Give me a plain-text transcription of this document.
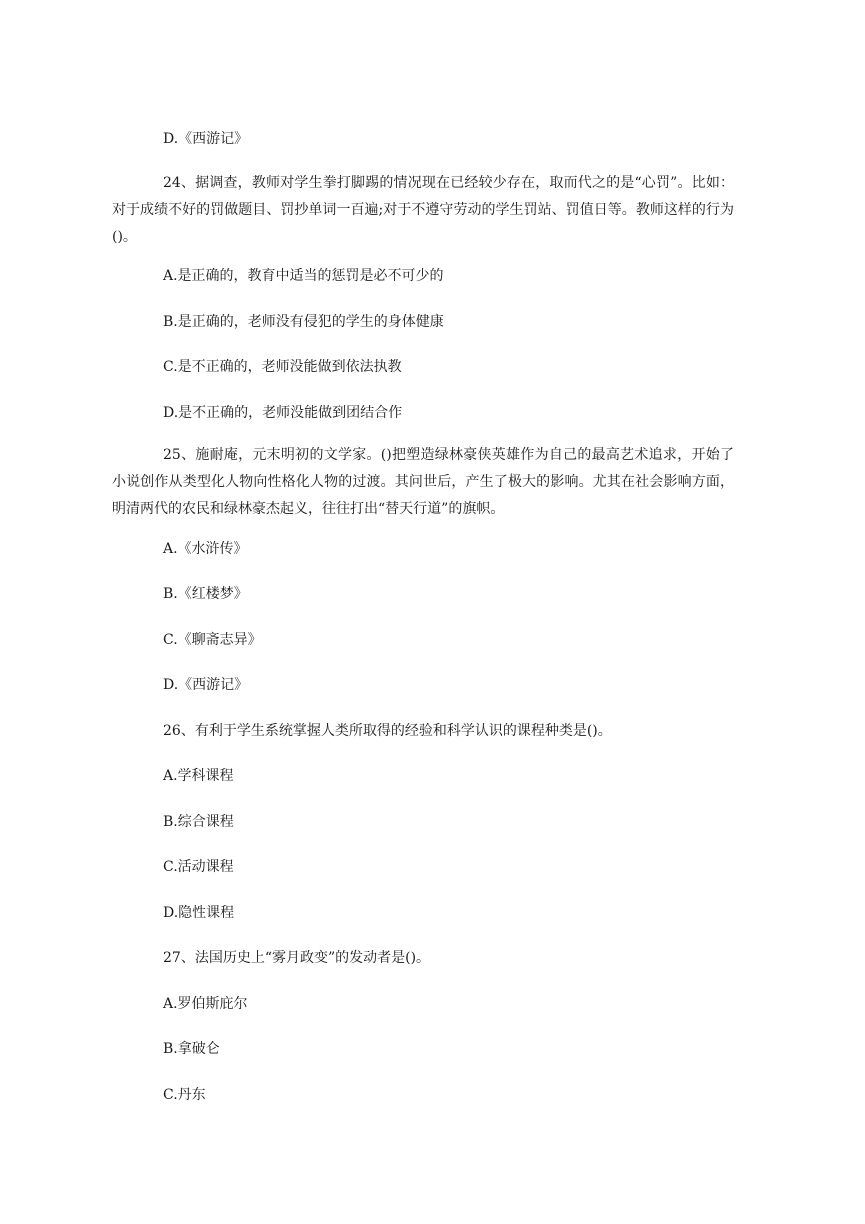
D.《西游记》
24、据调查，教师对学生拳打脚踢的情况现在已经较少存在，取而代之的是“心罚”。比如：对于成绩不好的罚做题目、罚抄单词一百遍;对于不遵守劳动的学生罚站、罚值日等。教师这样的行为()。
A.是正确的，教育中适当的惩罚是必不可少的
B.是正确的，老师没有侵犯的学生的身体健康
C.是不正确的，老师没能做到依法执教
D.是不正确的，老师没能做到团结合作
25、施耐庵，元末明初的文学家。()把塑造绿林豪侠英雄作为自己的最高艺术追求，开始了小说创作从类型化人物向性格化人物的过渡。其问世后，产生了极大的影响。尤其在社会影响方面，明清两代的农民和绿林豪杰起义，往往打出“替天行道”的旗帜。
A.《水浒传》
B.《红楼梦》
C.《聊斋志异》
D.《西游记》
26、有利于学生系统掌握人类所取得的经验和科学认识的课程种类是()。
A.学科课程
B.综合课程
C.活动课程
D.隐性课程
27、法国历史上“雾月政变”的发动者是()。
A.罗伯斯庇尔
B.拿破仑
C.丹东
